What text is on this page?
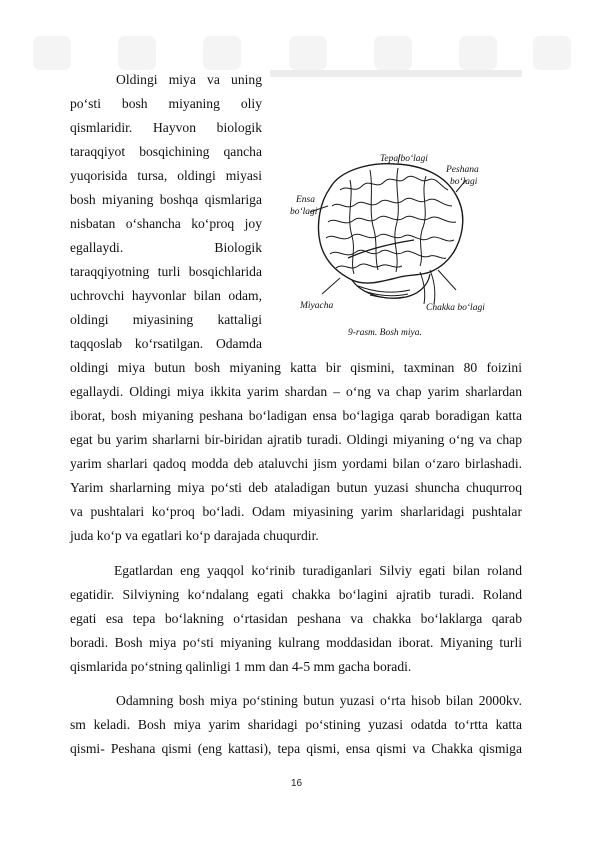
Oldingi miya va uning
po‘sti bosh miyaning oliy
qismlaridir. Hayvon biologik
taraqqiyot bosqichining qancha
yuqorisida tursa, oldingi miyasi
bosh miyaning boshqa qismlariga
nisbatan o‘shancha ko‘proq joy
egallaydi. Biologik
taraqqiyotning turli bosqichlarida
uchrovchi hayvonlar bilan odam,
oldingi miyasining kattaligi
taqqoslab ko‘rsatilgan. Odamda
Tepa bo‘lagi
Peshana
bo‘lagi
Ensa
bo‘lagi
Miyacha	Chakka bo‘lagi
9-rasm. Bosh miya.
oldingi miya butun bosh miyaning katta bir qismini, taxminan 80 foizini
egallaydi. Oldingi miya ikkita yarim shardan – o‘ng va chap yarim sharlardan
iborat, bosh miyaning peshana bo‘ladigan ensa bo‘lagiga qarab boradigan katta
egat bu yarim sharlarni bir-biridan ajratib turadi. Oldingi miyaning o‘ng va chap
yarim sharlari qadoq modda deb ataluvchi jism yordami bilan o‘zaro birlashadi.
Yarim sharlarning miya po‘sti deb ataladigan butun yuzasi shuncha chuqurroq
va pushtalari ko‘proq bo‘ladi. Odam miyasining yarim sharlaridagi pushtalar
juda ko‘p va egatlari ko‘p darajada chuqurdir.
Egatlardan eng yaqqol ko‘rinib turadiganlari Silviy egati bilan roland
egatidir. Silviyning ko‘ndalang egati chakka bo‘lagini ajratib turadi. Roland
egati esa tepa bo‘lakning o‘rtasidan peshana va chakka bo‘laklarga qarab
boradi. Bosh miya po‘sti miyaning kulrang moddasidan iborat. Miyaning turli
qismlarida po‘stning qalinligi 1 mm dan 4-5 mm gacha boradi.
Odamning bosh miya po‘stining butun yuzasi o‘rta hisob bilan 2000kv.
sm keladi. Bosh miya yarim sharidagi po‘stining yuzasi odatda to‘rtta katta
qismi- Peshana qismi (eng kattasi), tepa qismi, ensa qismi va Chakka qismiga
16
